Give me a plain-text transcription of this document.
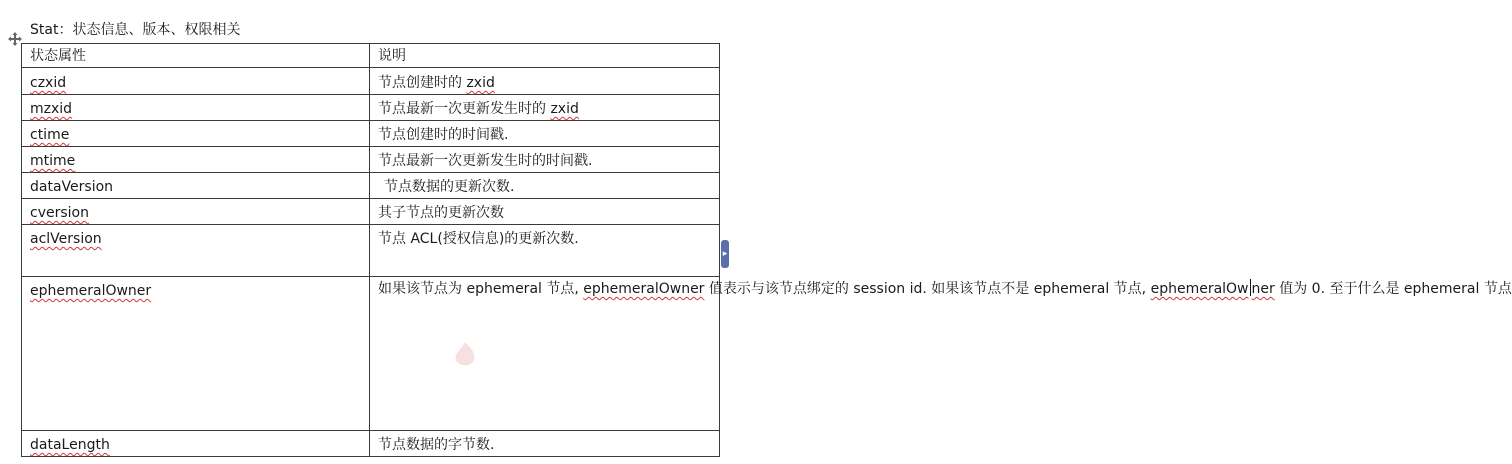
Stat：状态信息、版本、权限相关
状态属性	说明
czxid	节点创建时的 zxid
mzxid	节点最新一次更新发生时的 zxid
ctime	节点创建时的时间戳.
mtime	节点最新一次更新发生时的时间戳.
dataVersion	节点数据的更新次数.
cversion	其子节点的更新次数
aclVersion	节点 ACL(授权信息)的更新次数.
ephemeralOwner	如果该节点为 ephemeral 节点, ephemeralOwner 值表示与该节点绑定的 session id. 如果该节点不是 ephemeral 节点, ephemeralOw ner 值为 0. 至于什么是 ephemeral 节点
dataLength	节点数据的字节数.
▸
